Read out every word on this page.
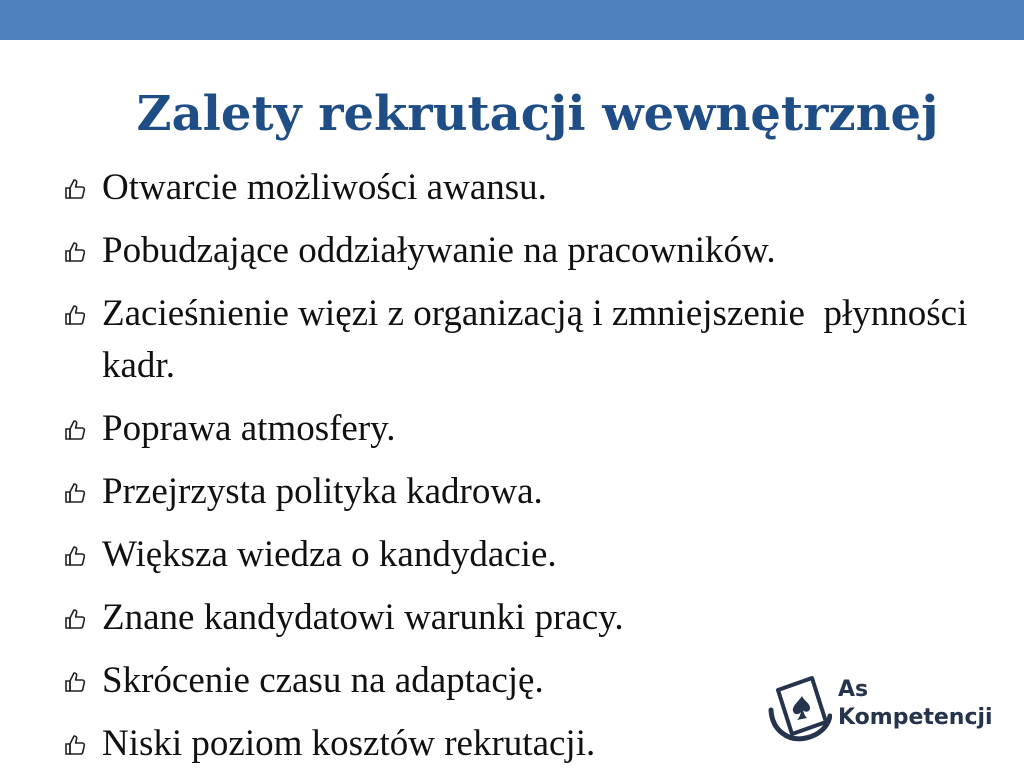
Zalety rekrutacji wewnętrznej
Otwarcie możliwości awansu.
Pobudzające oddziaływanie na pracowników.
Zacieśnienie więzi z organizacją i zmniejszenie  płynności kadr.
Poprawa atmosfery.
Przejrzysta polityka kadrowa.
Większa wiedza o kandydacie.
Znane kandydatowi warunki pracy.
Skrócenie czasu na adaptację.
Niski poziom kosztów rekrutacji.
As
Kompetencji
